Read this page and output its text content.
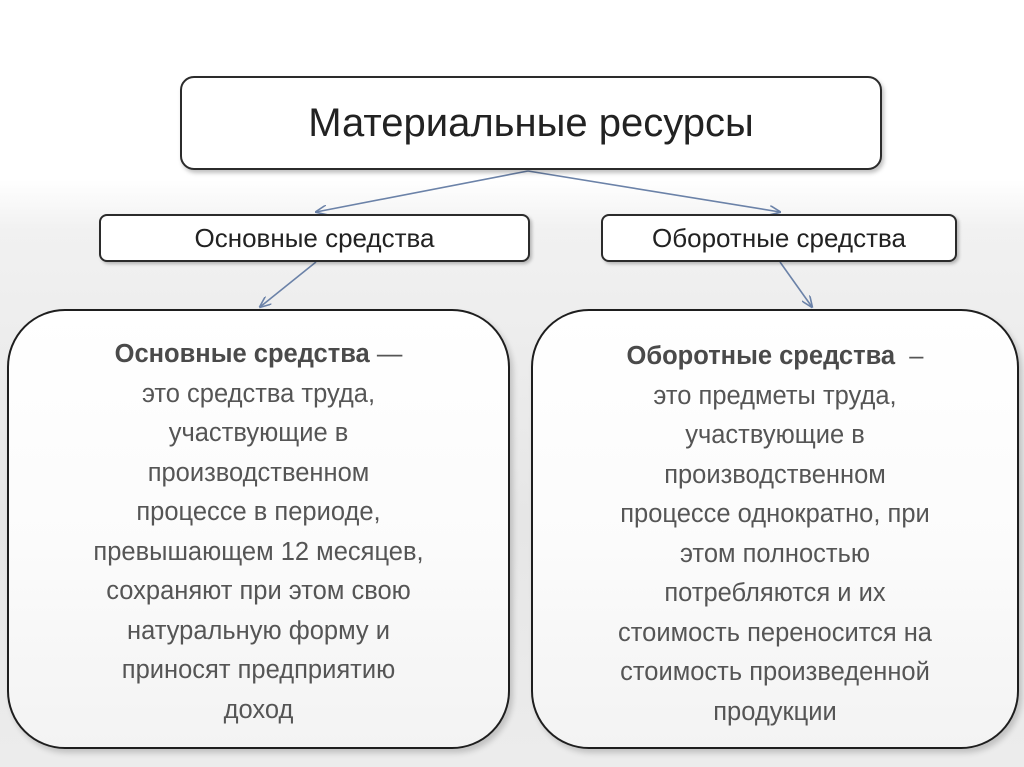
Материальные ресурсы
Основные средства	Оборотные средства
Основные средства —
это средства труда,
участвующие в
производственном
процессе в периоде,
превышающем 12 месяцев,
сохраняют при этом свою
натуральную форму и
приносят предприятию
доход
Оборотные средства  –
это предметы труда,
участвующие в
производственном
процессе однократно, при
этом полностью
потребляются и их
стоимость переносится на
стоимость произведенной
продукции
